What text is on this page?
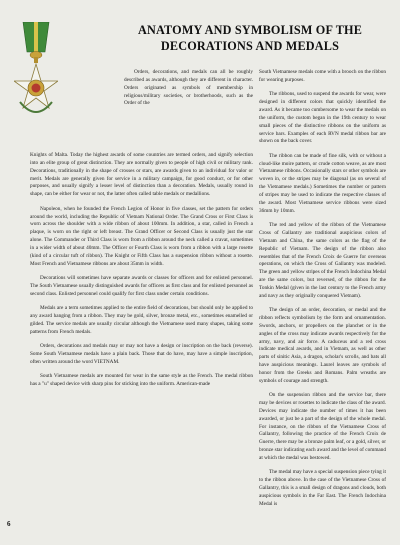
ANATOMY AND SYMBOLISM OF THE
DECORATIONS AND MEDALS

Orders, decorations, and medals can all be roughly described as awards, although they are different in character. Orders originated as symbols of membership in religious/military societies, or brotherhoods, such as the Order of the

Knights of Malta. Today the highest awards of some countries are termed orders, and signify selection into an elite group of great distinction. They are normally given to people of high civil or military rank. Decorations, traditionally in the shape of crosses or stars, are awards given to an individual for valor or merit. Medals are generally given for service in a military campaign, for good conduct, or for other purposes, and usually signify a lesser level of distinction than a decoration. Medals, usually round in shape, can be either for wear or not, the latter often called table medals or medallions.

Napoleon, when he founded the French Legion of Honor in five classes, set the pattern for orders around the world, including the Republic of Vietnam National Order. The Grand Cross or First Class is worn across the shoulder with a wide ribbon of about 100mm. In addition, a star, called in French a plaque, is worn on the right or left breast. The Grand Officer or Second Class is usually just the star alone. The Commander or Third Class is worn from a ribbon around the neck called a cravat, sometimes in a wider width of about 40mm. The Officer or Fourth Class is worn from a ribbon with a large rosette (kind of a circular tuft of ribbon). The Knight or Fifth Class has a suspension ribbon without a rosette. Most French and Vietnamese ribbons are about 35mm in width.

Decorations will sometimes have separate awards or classes for officers and for enlisted personnel. The South Vietnamese usually distinguished awards for officers as first class and for enlisted personnel as second class. Enlisted personnel could qualify for first class under certain conditions.

Medals are a term sometimes applied to the entire field of decorations, but should only be applied to any award hanging from a ribbon. They may be gold, silver, bronze metal, etc., sometimes enamelled or gilded. The service medals are usually circular although the Vietnamese used many shapes, taking some patterns from French medals.

Orders, decorations and medals may or may not have a design or inscription on the back (reverse). Some South Vietnamese medals have a plain back. Those that do have, may have a simple inscription, often written around the word VIETNAM.

South Vietnamese medals are mounted for wear in the same style as the French. The medal ribbon has a "u" shaped device with sharp pins for sticking into the uniform. American-made

South Vietnamese medals come with a brooch on the ribbon for wearing purposes.

The ribbons, used to suspend the awards for wear, were designed in different colors that quickly identified the award. As it became too cumbersome to wear the medals on the uniform, the custom began in the 19th century to wear small pieces of the distinctive ribbons on the uniform as service bars. Examples of each RVN medal ribbon bar are shown on the back cover.

The ribbon can be made of fine silk, with or without a cloud-like moire pattern, or crude cotton weave, as are most Vietnamese ribbons. Occasionally stars or other symbols are woven in, or the stripes may be diagonal (as on several of the Vietnamese medals.) Sometimes the number or pattern of stripes may be used to indicate the respective classes of the award. Most Vietnamese service ribbons were sized 36mm by 10mm.

The red and yellow of the ribbon of the Vietnamese Cross of Gallantry are traditional auspicious colors of Vietnam and China, the same colors as the flag of the Republic of Vietnam. The design of the ribbon also resembles that of the French Croix de Guerre for overseas operations, on which the Cross of Gallantry was modeled. The green and yellow stripes of the French Indochina Medal are the same colors, but reversed, of the ribbon for the Tonkin Medal (given in the last century to the French army and navy as they originally conquered Vietnam).

The design of an order, decoration, or medal and the ribbon reflects symbolism by the form and ornamentation. Swords, anchors, or propellers on the planchet or in the angles of the cross may indicate awards respectively for the army, navy, and air force. A caduceus and a red cross indicate medical awards, and in Vietnam, as well as other parts of sinitic Asia, a dragon, scholar's scrolls, and bats all have auspicious meanings. Laurel leaves are symbols of honor from the Greeks and Romans. Palm wreaths are symbols of courage and strength.

On the suspension ribbon and the service bar, there may be devices or rosettes to indicate the class of the award. Devices may indicate the number of times it has been awarded, or just be a part of the design of the whole medal. For instance, on the ribbon of the Vietnamese Cross of Gallantry, following the practice of the French Croix de Guerre, there may be a bronze palm leaf, or a gold, silver, or bronze star indicating each award and the level of command at which the medal was bestowed.

The medal may have a special suspension piece tying it to the ribbon above. In the case of the Vietnamese Cross of Gallantry, this is a small design of dragons and clouds, both auspicious symbols in the Far East. The French Indochina Medal is

6
